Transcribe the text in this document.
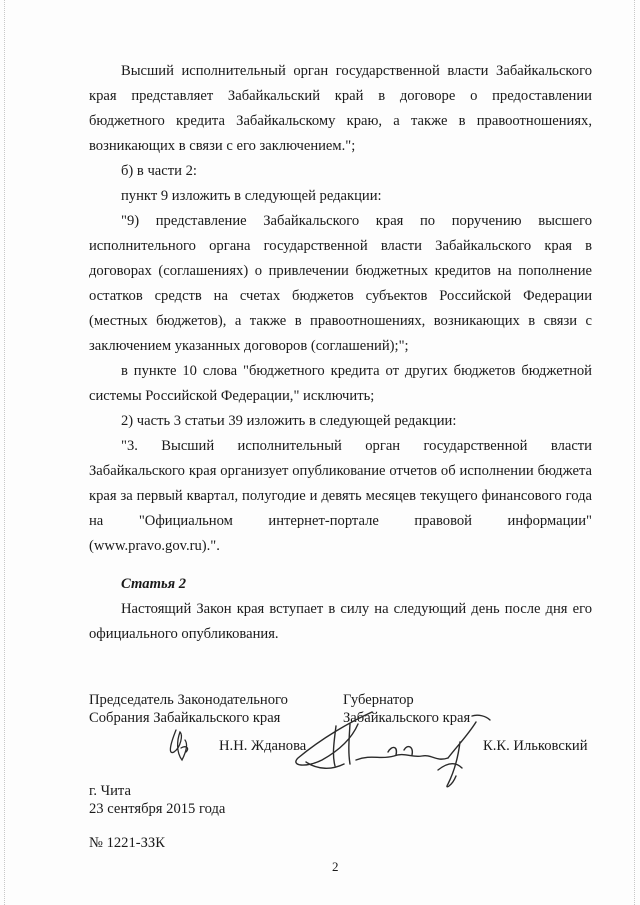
Высший исполнительный орган государственной власти Забайкальского края представляет Забайкальский край в договоре о предоставлении бюджетного кредита Забайкальскому краю, а также в правоотношениях, возникающих в связи с его заключением.";

б) в части 2:

пункт 9 изложить в следующей редакции:

"9) представление Забайкальского края по поручению высшего исполнительного органа государственной власти Забайкальского края в договорах (соглашениях) о привлечении бюджетных кредитов на пополнение остатков средств на счетах бюджетов субъектов Российской Федерации (местных бюджетов), а также в правоотношениях, возникающих в связи с заключением указанных договоров (соглашений);";

в пункте 10 слова "бюджетного кредита от других бюджетов бюджетной системы Российской Федерации," исключить;

2) часть 3 статьи 39 изложить в следующей редакции:

"3. Высший исполнительный орган государственной власти Забайкальского края организует опубликование отчетов об исполнении бюджета края за первый квартал, полугодие и девять месяцев текущего финансового года на "Официальном интернет-портале правовой информации" (www.pravo.gov.ru).".

Статья 2

Настоящий Закон края вступает в силу на следующий день после дня его официального опубликования.

Председатель Законодательного
Собрания Забайкальского края
Губернатор
Забайкальского края
Н.Н. Жданова	К.К. Ильковский
г. Чита
23 сентября 2015 года
№ 1221-ЗЗК
2
